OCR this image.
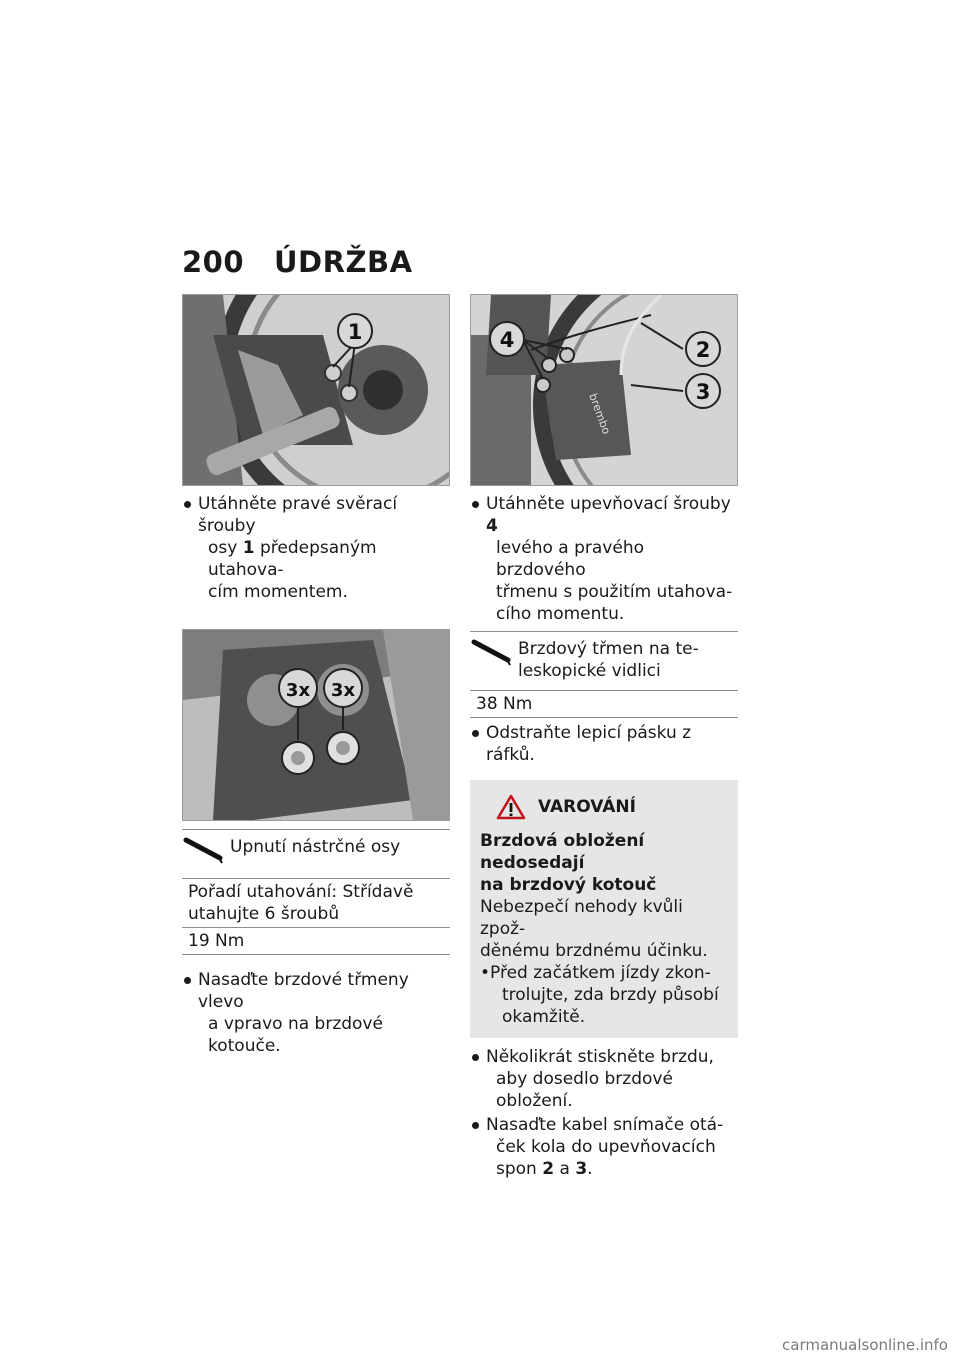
200	ÚDRŽBA
1
Utáhněte pravé svěrací šrouby
osy 1 předepsaným utahova-
cím momentem.
3x 3x
Upnutí nástrčné osy
Pořadí utahování: Střídavě
utahujte 6 šroubů
19 Nm
Nasaďte brzdové třmeny vlevo
a vpravo na brzdové kotouče.
brembo
4	2
3
Utáhněte upevňovací šrouby 4
levého a pravého brzdového
třmenu s použitím utahova-
cího momentu.
Brzdový třmen na te-
leskopické vidlici
38 Nm
Odstraňte lepicí pásku z ráfků.
VAROVÁNÍ
Brzdová obložení nedosedají
na brzdový kotouč
Nebezpečí nehody kvůli zpož-
děnému brzdnému účinku.
• Před začátkem jízdy zkon-
trolujte, zda brzdy působí
okamžitě.
Několikrát stiskněte brzdu,
aby dosedlo brzdové obložení.
Nasaďte kabel snímače otá-
ček kola do upevňovacích
spon 2 a 3.
carmanualsonline.info
